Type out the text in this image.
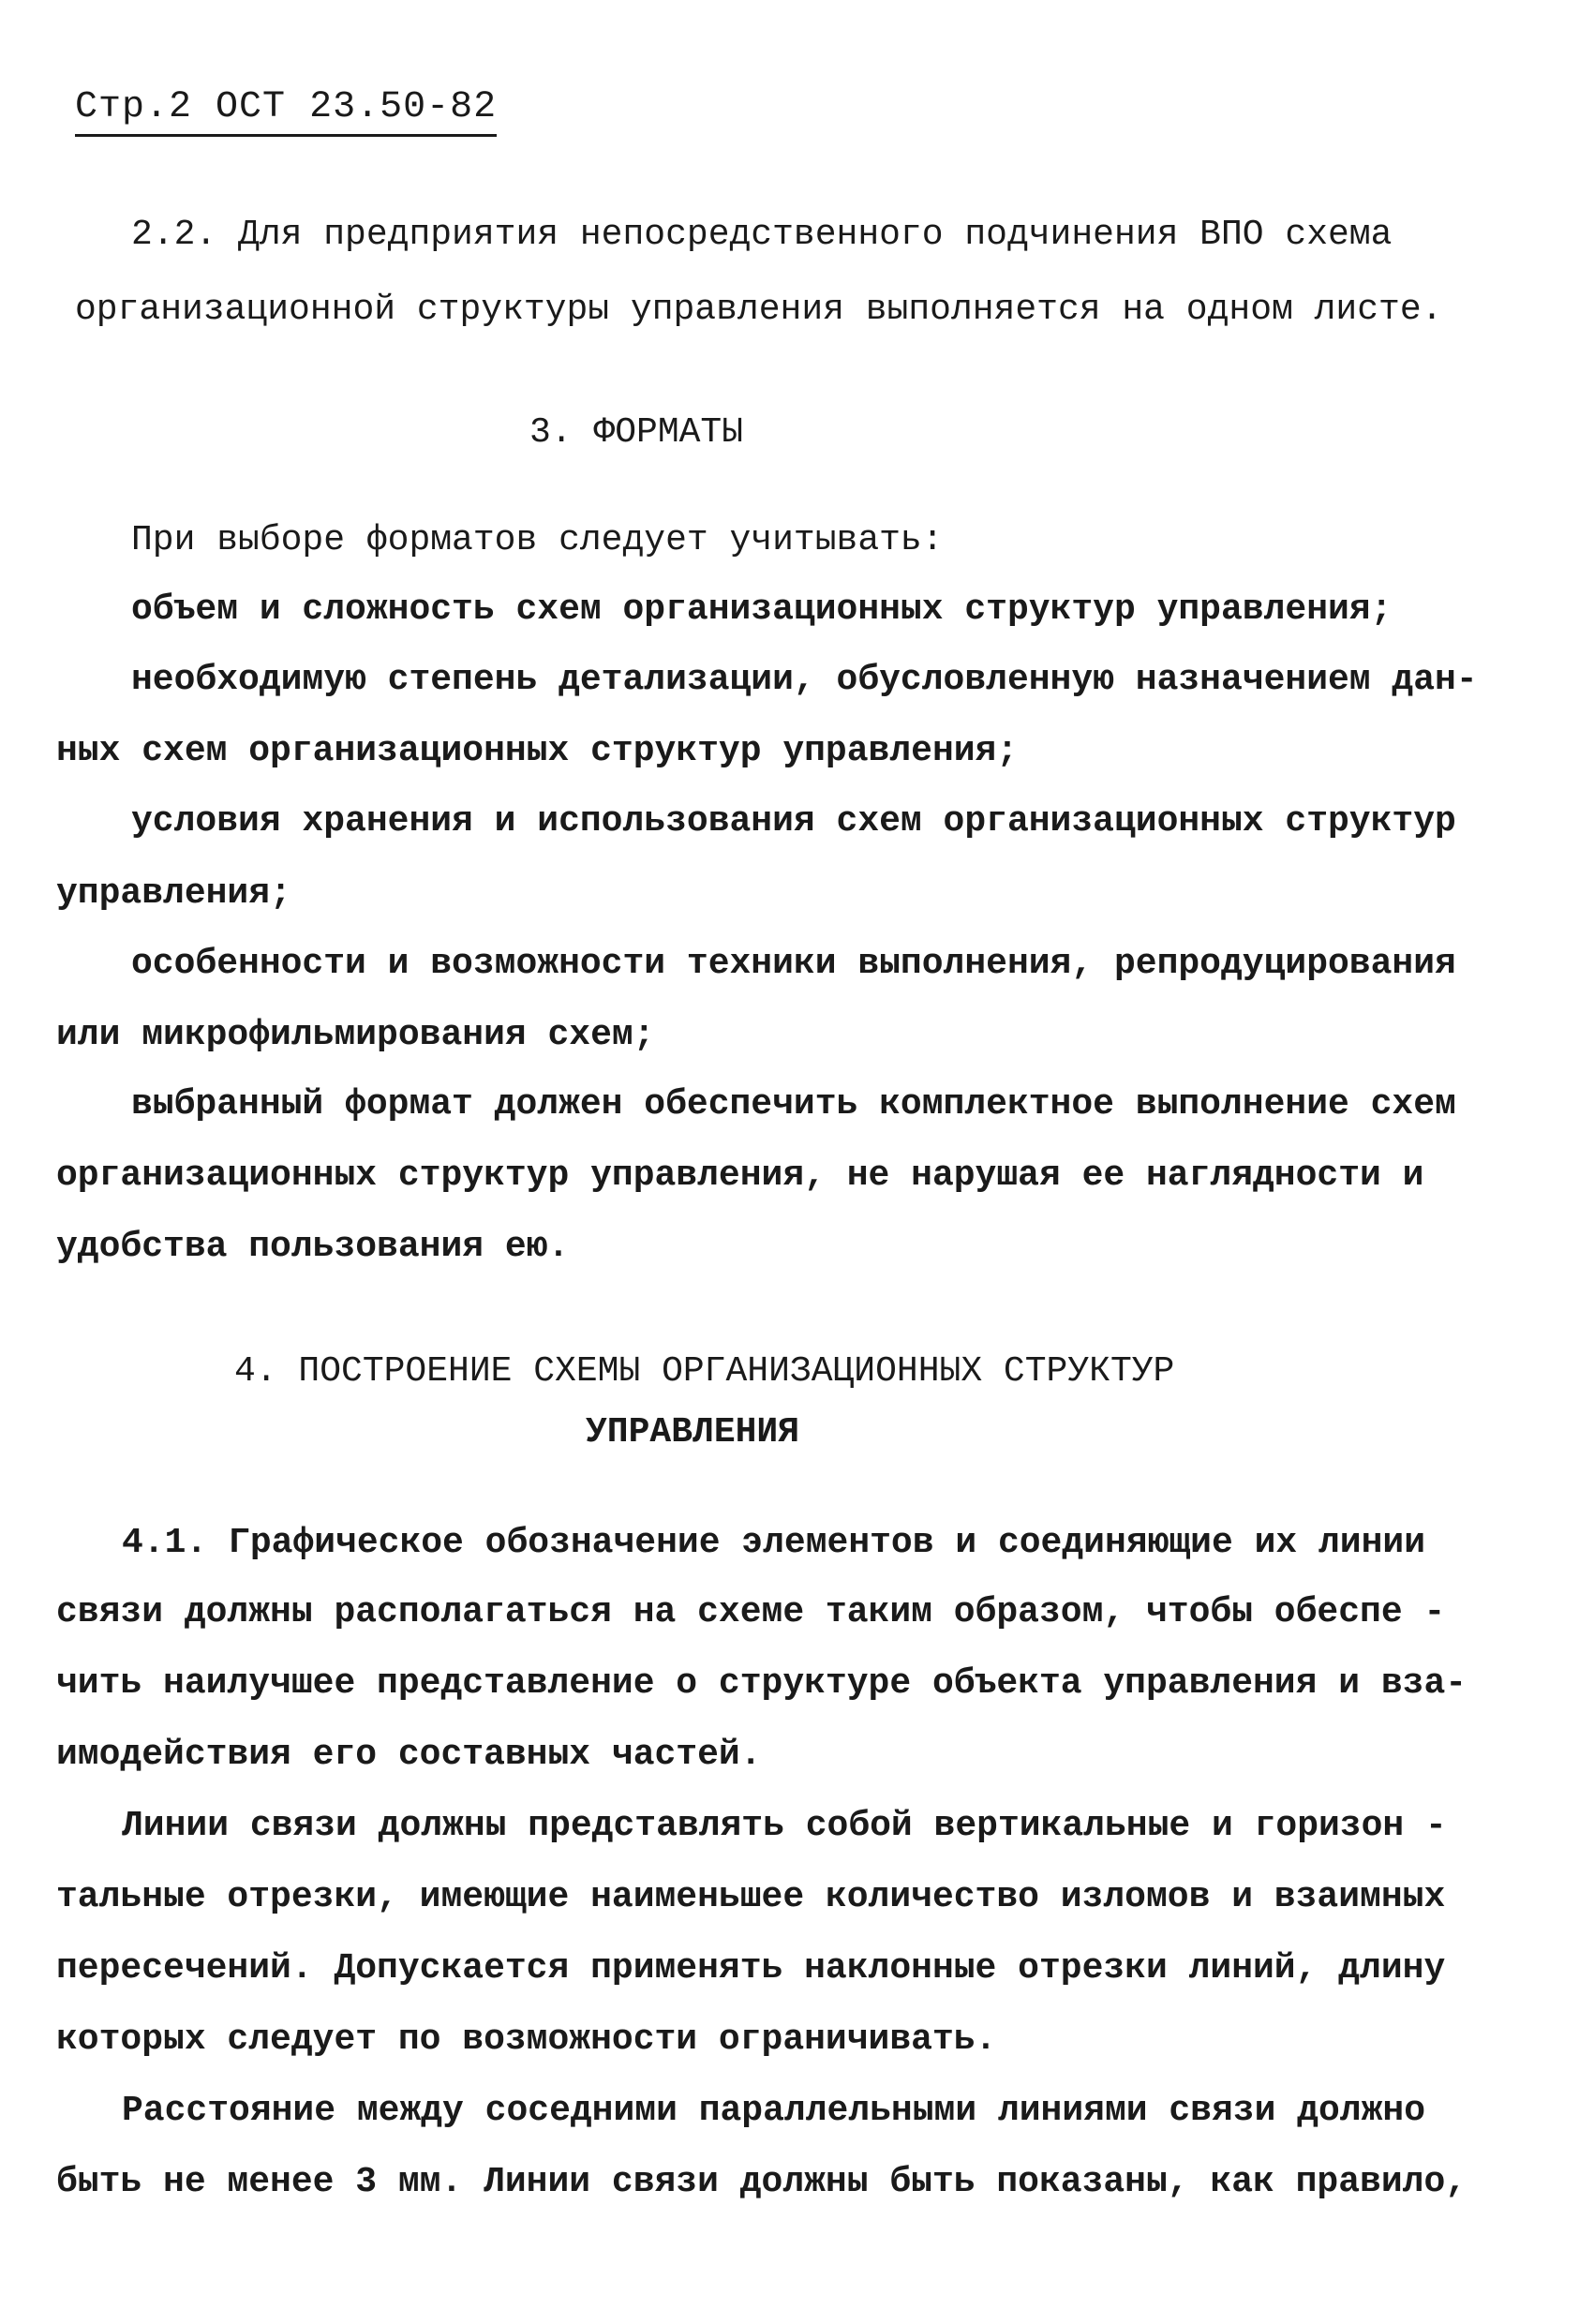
Стр.2 ОСТ 23.50-82
2.2. Для предприятия непосредственного подчинения ВПО схема
организационной структуры управления выполняется на одном листе.
3. ФОРМАТЫ
При выборе форматов следует учитывать:
объем и сложность схем организационных структур управления;
необходимую степень детализации, обусловленную назначением дан-
ных схем организационных структур управления;
условия хранения и использования схем организационных структур
управления;
особенности и возможности техники выполнения, репродуцирования
или микрофильмирования схем;
выбранный формат должен обеспечить комплектное выполнение схем
организационных структур управления, не нарушая ее наглядности и
удобства пользования ею.
4. ПОСТРОЕНИЕ СХЕМЫ ОРГАНИЗАЦИОННЫХ СТРУКТУР
УПРАВЛЕНИЯ
4.1. Графическое обозначение элементов и соединяющие их линии
связи должны располагаться на схеме таким образом, чтобы обеспе -
чить наилучшее представление о структуре объекта управления и вза-
имодействия его составных частей.
Линии связи должны представлять собой вертикальные и горизон -
тальные отрезки, имеющие наименьшее количество изломов и взаимных
пересечений. Допускается применять наклонные отрезки линий, длину
которых следует по возможности ограничивать.
Расстояние между соседними параллельными линиями связи должно
быть не менее 3 мм. Линии связи должны быть показаны, как правило,
